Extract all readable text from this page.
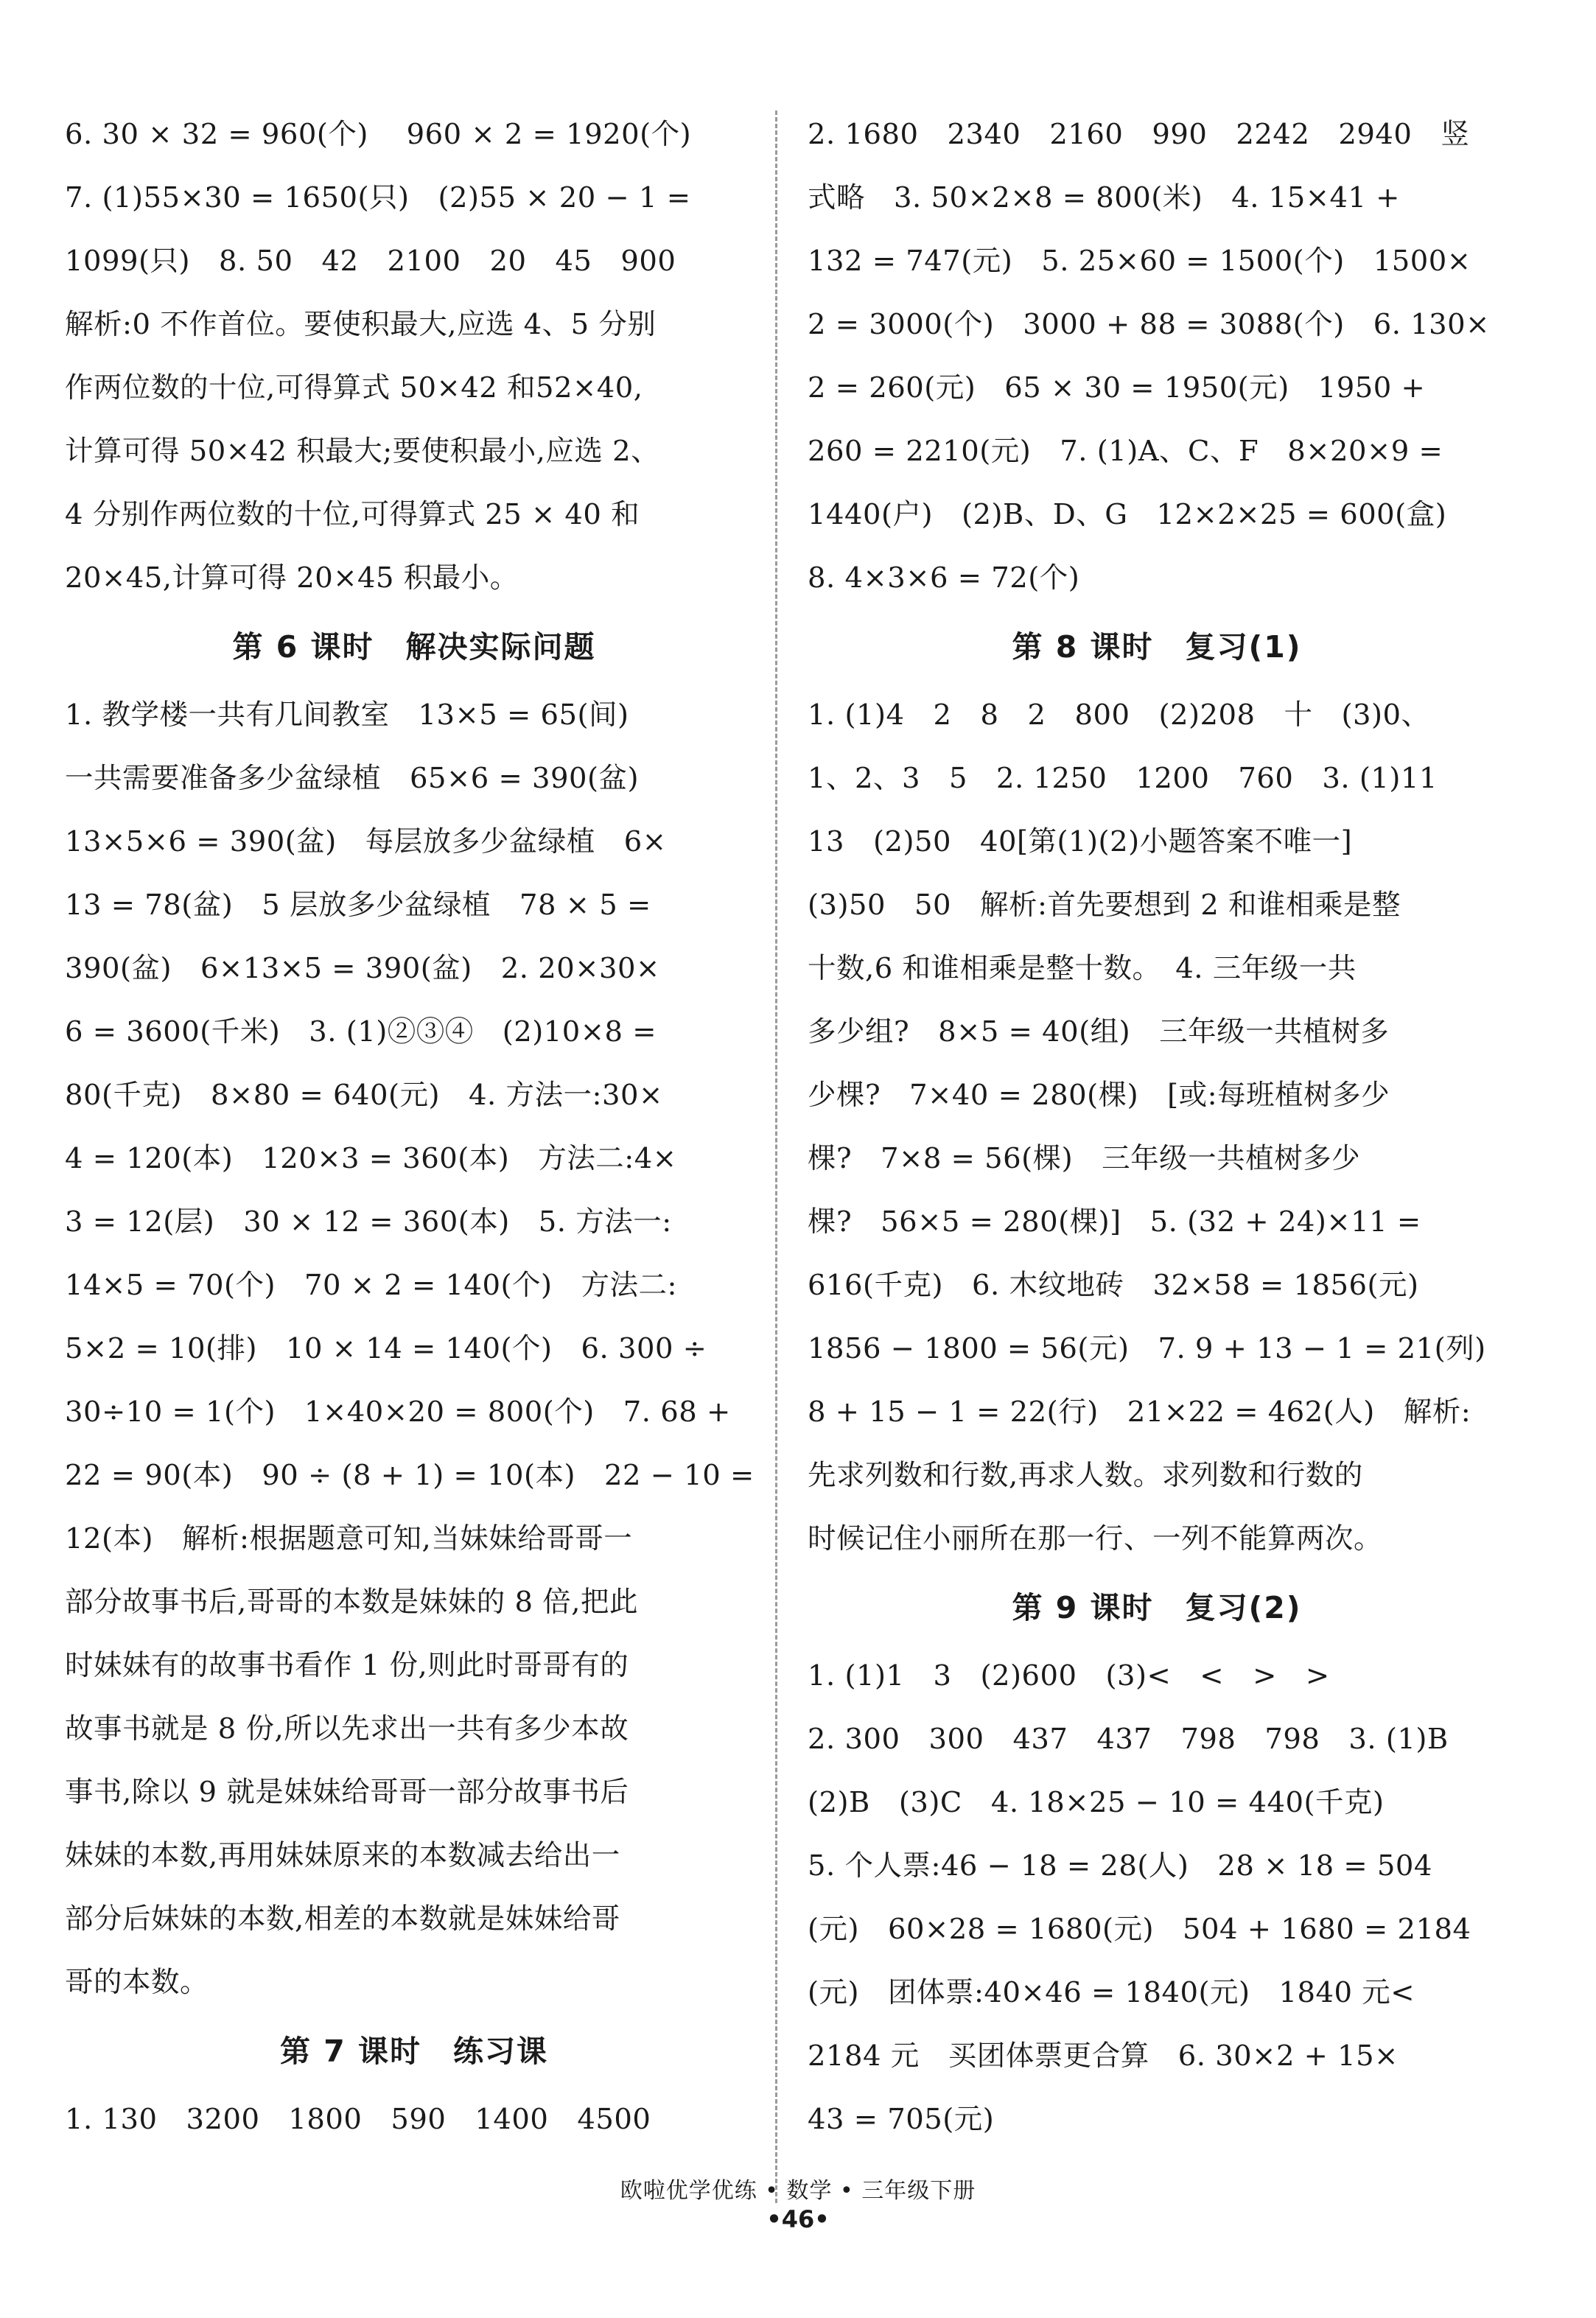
6. 30 × 32 = 960(个)　 960 × 2 = 1920(个)
7. (1)55×30 = 1650(只)　(2)55 × 20 − 1 =
1099(只)　8. 50　42　2100　20　45　900
解析:0 不作首位。要使积最大,应选 4、5 分别
作两位数的十位,可得算式 50×42 和52×40,
计算可得 50×42 积最大;要使积最小,应选 2、
4 分别作两位数的十位,可得算式 25 × 40 和
20×45,计算可得 20×45 积最小。
第 6 课时　解决实际问题
1. 教学楼一共有几间教室　13×5 = 65(间)
一共需要准备多少盆绿植　65×6 = 390(盆)
13×5×6 = 390(盆)　每层放多少盆绿植　6×
13 = 78(盆)　5 层放多少盆绿植　78 × 5 =
390(盆)　6×13×5 = 390(盆)　2. 20×30×
6 = 3600(千米)　3. (1)②③④　(2)10×8 =
80(千克)　8×80 = 640(元)　4. 方法一:30×
4 = 120(本)　120×3 = 360(本)　方法二:4×
3 = 12(层)　30 × 12 = 360(本)　5. 方法一:
14×5 = 70(个)　70 × 2 = 140(个)　方法二:
5×2 = 10(排)　10 × 14 = 140(个)　6. 300 ÷
30÷10 = 1(个)　1×40×20 = 800(个)　7. 68 +
22 = 90(本)　90 ÷ (8 + 1) = 10(本)　22 − 10 =
12(本)　解析:根据题意可知,当妹妹给哥哥一
部分故事书后,哥哥的本数是妹妹的 8 倍,把此
时妹妹有的故事书看作 1 份,则此时哥哥有的
故事书就是 8 份,所以先求出一共有多少本故
事书,除以 9 就是妹妹给哥哥一部分故事书后
妹妹的本数,再用妹妹原来的本数减去给出一
部分后妹妹的本数,相差的本数就是妹妹给哥
哥的本数。
第 7 课时　练习课
1. 130　3200　1800　590　1400　4500
2. 1680　2340　2160　990　2242　2940　竖
式略　3. 50×2×8 = 800(米)　4. 15×41 +
132 = 747(元)　5. 25×60 = 1500(个)　1500×
2 = 3000(个)　3000 + 88 = 3088(个)　6. 130×
2 = 260(元)　65 × 30 = 1950(元)　1950 +
260 = 2210(元)　7. (1)A、C、F　8×20×9 =
1440(户)　(2)B、D、G　12×2×25 = 600(盒)
8. 4×3×6 = 72(个)
第 8 课时　复习(1)
1. (1)4　2　8　2　800　(2)208　十　(3)0、
1、2、3　5　2. 1250　1200　760　3. (1)11
13　(2)50　40[第(1)(2)小题答案不唯一]
(3)50　50　解析:首先要想到 2 和谁相乘是整
十数,6 和谁相乘是整十数。　4. 三年级一共
多少组?　8×5 = 40(组)　三年级一共植树多
少棵?　7×40 = 280(棵)　[或:每班植树多少
棵?　7×8 = 56(棵)　三年级一共植树多少
棵?　56×5 = 280(棵)]　5. (32 + 24)×11 =
616(千克)　6. 木纹地砖　32×58 = 1856(元)
1856 − 1800 = 56(元)　7. 9 + 13 − 1 = 21(列)
8 + 15 − 1 = 22(行)　21×22 = 462(人)　解析:
先求列数和行数,再求人数。求列数和行数的
时候记住小丽所在那一行、一列不能算两次。
第 9 课时　复习(2)
1. (1)1　3　(2)600　(3)<　<　>　>
2. 300　300　437　437　798　798　3. (1)B
(2)B　(3)C　4. 18×25 − 10 = 440(千克)
5. 个人票:46 − 18 = 28(人)　28 × 18 = 504
(元)　60×28 = 1680(元)　504 + 1680 = 2184
(元)　团体票:40×46 = 1840(元)　1840 元<
2184 元　买团体票更合算　6. 30×2 + 15×
43 = 705(元)
欧啦优学优练 • 数学 • 三年级下册
•46•
